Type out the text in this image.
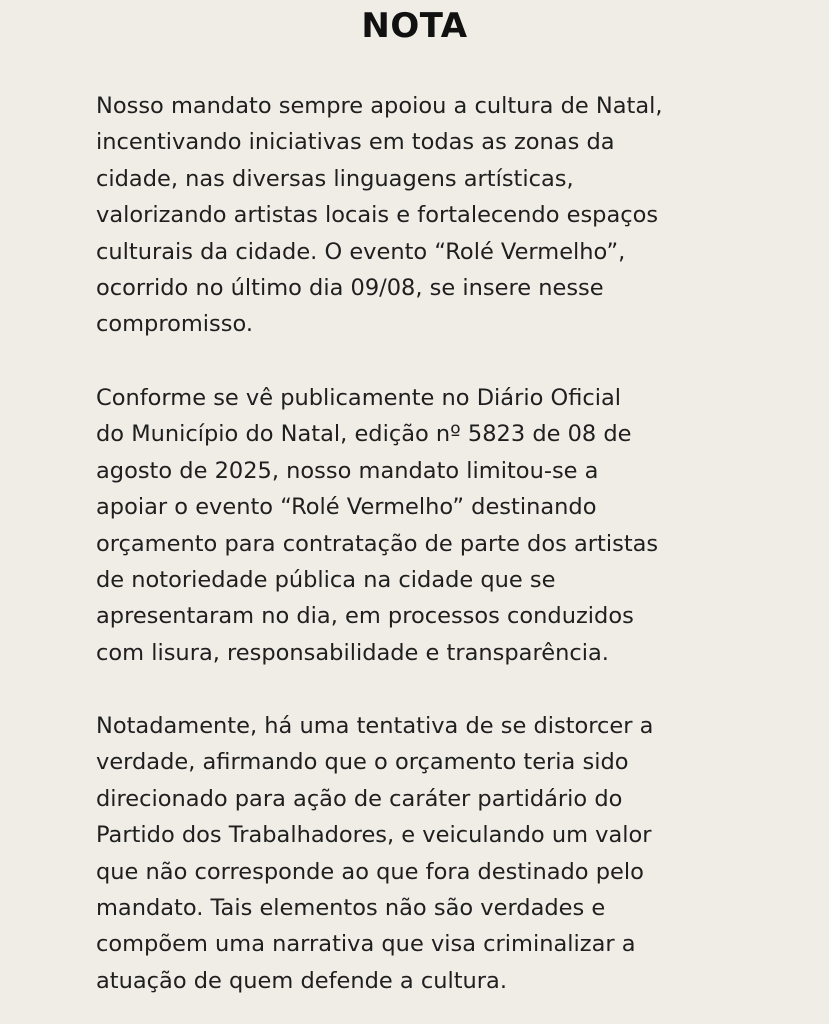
NOTA

Nosso mandato sempre apoiou a cultura de Natal,
incentivando iniciativas em todas as zonas da
cidade, nas diversas linguagens artísticas,
valorizando artistas locais e fortalecendo espaços
culturais da cidade. O evento “Rolé Vermelho”,
ocorrido no último dia 09/08, se insere nesse
compromisso.

Conforme se vê publicamente no Diário Oficial
do Município do Natal, edição nº 5823 de 08 de
agosto de 2025, nosso mandato limitou-se a
apoiar o evento “Rolé Vermelho” destinando
orçamento para contratação de parte dos artistas
de notoriedade pública na cidade que se
apresentaram no dia, em processos conduzidos
com lisura, responsabilidade e transparência.

Notadamente, há uma tentativa de se distorcer a
verdade, afirmando que o orçamento teria sido
direcionado para ação de caráter partidário do
Partido dos Trabalhadores, e veiculando um valor
que não corresponde ao que fora destinado pelo
mandato. Tais elementos não são verdades e
compõem uma narrativa que visa criminalizar a
atuação de quem defende a cultura.
